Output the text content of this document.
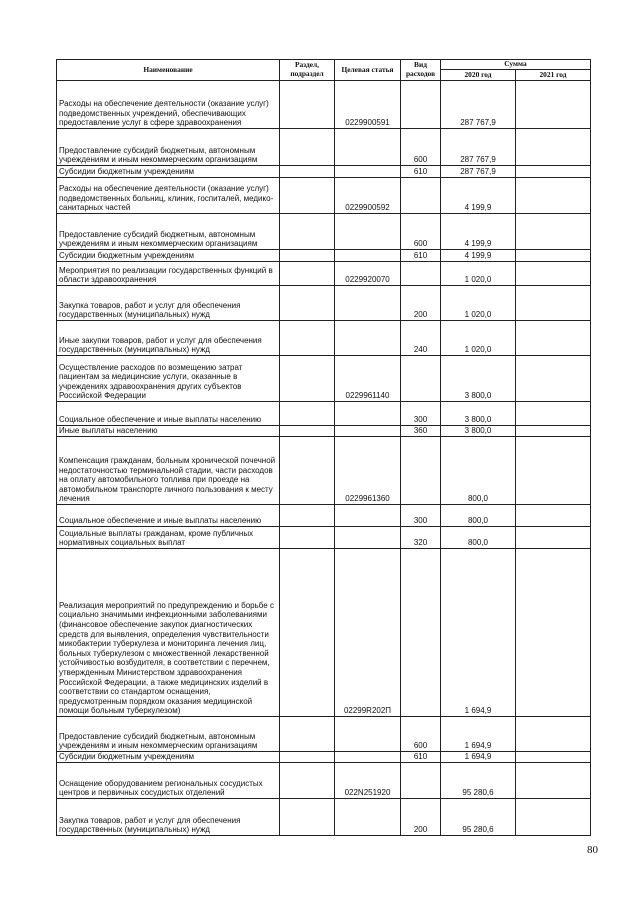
Наименование	Раздел, подраздел	Целевая статья	Вид расходов	Сумма	
				2020 год	2021 год
Расходы на обеспечение деятельности (оказание услуг) подведомственных учреждений, обеспечивающих предоставление услуг в сфере здравоохранения		0229900591		287 767,9	
Предоставление субсидий бюджетным, автономным учреждениям и иным некоммерческим организациям			600	287 767,9	
Субсидии бюджетным учреждениям			610	287 767,9	
Расходы на обеспечение деятельности (оказание услуг) подведомственных больниц, клиник, госпиталей, медико-санитарных частей		0229900592		4 199,9	
Предоставление субсидий бюджетным, автономным учреждениям и иным некоммерческим организациям			600	4 199,9	
Субсидии бюджетным учреждениям			610	4 199,9	
Мероприятия по реализации государственных функций в области здравоохранения		0229920070		1 020,0	
Закупка товаров, работ и услуг для обеспечения государственных (муниципальных) нужд			200	1 020,0	
Иные закупки товаров, работ и услуг для обеспечения государственных (муниципальных) нужд			240	1 020,0	
Осуществление расходов по возмещению затрат пациентам за медицинские услуги, оказанные в учреждениях здравоохранения других субъектов Российской Федерации		0229961140		3 800,0	
Социальное обеспечение и иные выплаты населению			300	3 800,0	
Иные выплаты населению			360	3 800,0	
Компенсация гражданам, больным хронической почечной недостаточностью терминальной стадии, части расходов на оплату автомобильного топлива при проезде на автомобильном транспорте личного пользования к месту лечения		0229961360		800,0	
Социальное обеспечение и иные выплаты населению			300	800,0	
Социальные выплаты гражданам, кроме публичных нормативных социальных выплат			320	800,0	
Реализация мероприятий по предупреждению и борьбе с социально значимыми инфекционными заболеваниями (финансовое обеспечение закупок диагностических средств для выявления, определения чувствительности микобактерии туберкулеза и мониторинга лечения лиц, больных туберкулезом с множественной лекарственной устойчивостью возбудителя, в соответствии с перечнем, утвержденным Министерством здравоохранения Российской Федерации, а также медицинских изделий в соответствии со стандартом оснащения, предусмотренным порядком оказания медицинской помощи больным туберкулезом)		02299R202П		1 694,9	
Предоставление субсидий бюджетным, автономным учреждениям и иным некоммерческим организациям			600	1 694,9	
Субсидии бюджетным учреждениям			610	1 694,9	
Оснащение оборудованием региональных сосудистых центров и первичных сосудистых отделений		022N251920		95 280,6	
Закупка товаров, работ и услуг для обеспечения государственных (муниципальных) нужд			200	95 280,6	
80
